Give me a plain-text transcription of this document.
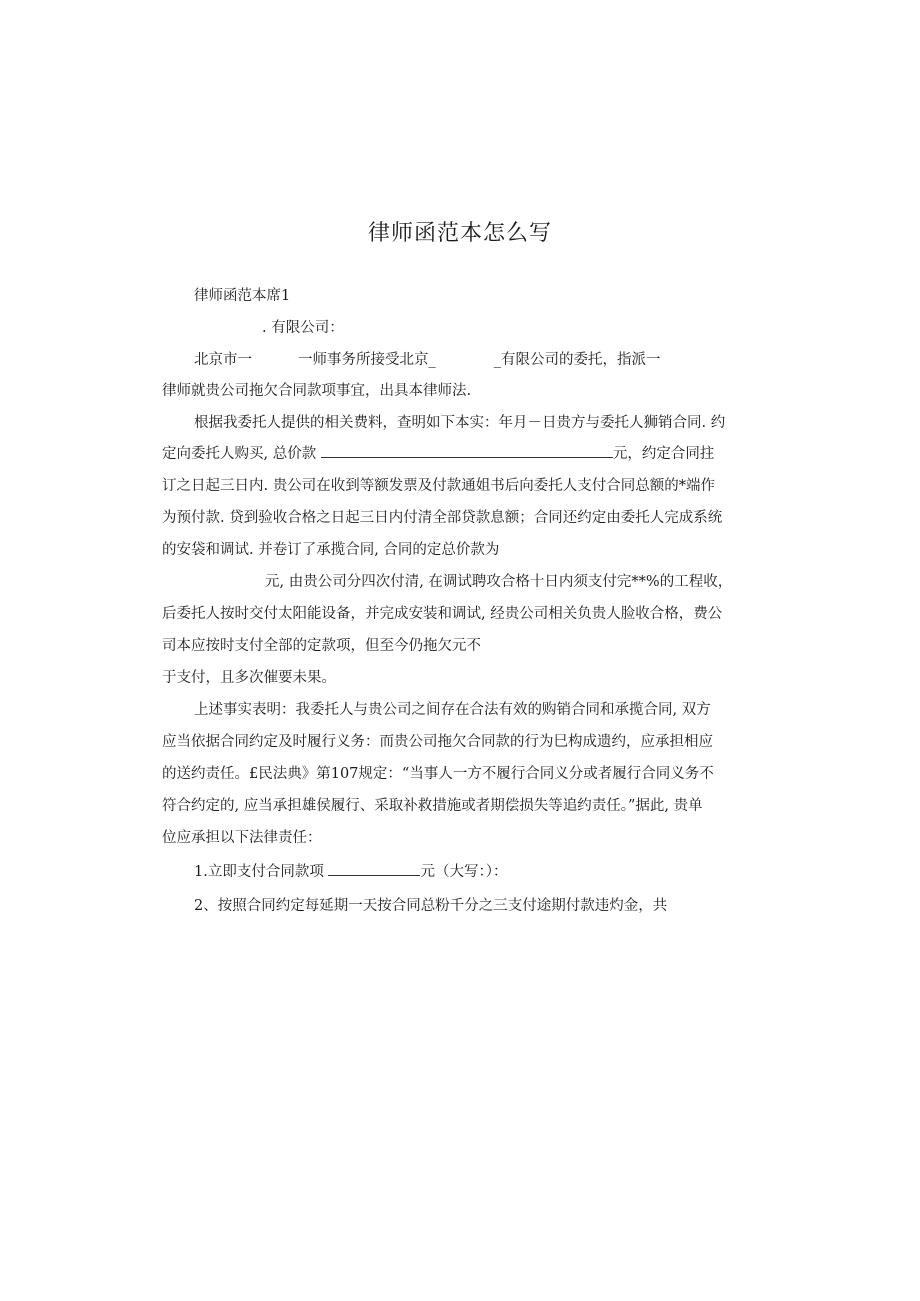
律师函范本怎么写

律师函范本席1

. 有限公司：

北京市一	一师事务所接受北京_	_有限公司的委托，指派一

律师就贵公司拖欠合同款项事宜，出具本律师法.

根据我委托人提供的相关费料，查明如下本实：年月－日贵方与委托人狮销合同. 约

定向委托人购买, 总价款	元，约定合同拄

订之日起三日内. 贵公司在收到等额发票及付款通姐书后向委托人支付合同总额的*端作

为预付款. 贷到验收合格之日起三日内付清全部贷款息额；合同还约定由委托人完成系统

的安袋和调试. 并卷订了承揽合同, 合同的定总价款为

元, 由贵公司分四次付清, 在调试聘攻合格十日内须支付完**%的工程收，

后委托人按时交付太阳能设备，并完成安装和调试, 经贵公司相关负贵人脸收合格，费公

司本应按时支付全部的定款项，但至今仍拖欠元不

于支付，且多次催要未果。

上述事实表明：我委托人与贵公司之间存在合法有效的购销合同和承揽合同, 双方

应当依据合同约定及时履行义务：而贵公司拖欠合同款的行为巳构成遗约，应承担相应

的送约责任。£民法典》第107规定：“当事人一方不履行合同义分或者履行合同义务不

符合约定的, 应当承担雄侯履行、采取补救措施或者期偿损失等追约责任。”据此, 贵单

位应承担以下法律责任：

1.立即支付合同款项	元（大写：）：

2、按照合同约定每延期一天按合同总粉千分之三支付途期付款违灼金，共
